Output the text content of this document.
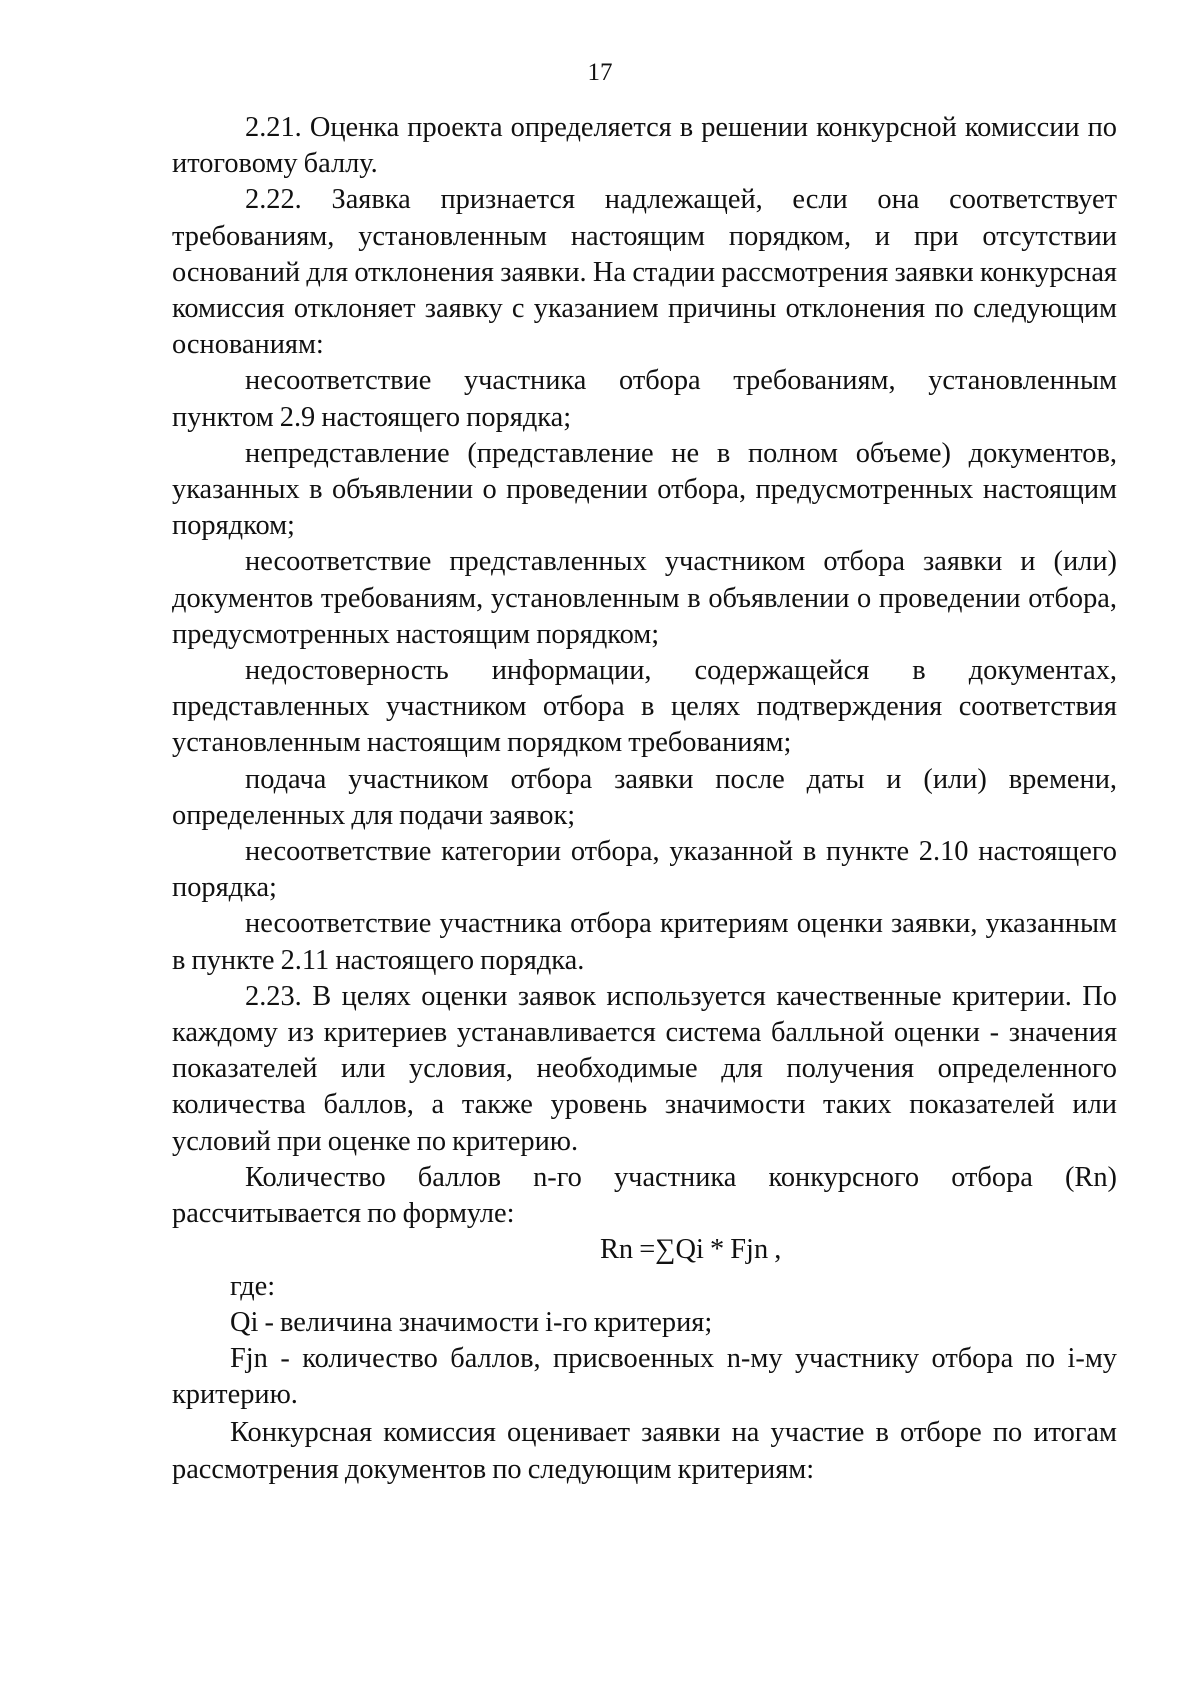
17

2.21. Оценка проекта определяется в решении конкурсной комиссии по итоговому баллу.

2.22. Заявка признается надлежащей, если она соответствует требованиям, установленным настоящим порядком, и при отсутствии оснований для отклонения заявки. На стадии рассмотрения заявки конкурсная комиссия отклоняет заявку с указанием причины отклонения по следующим основаниям:

несоответствие участника отбора требованиям, установленным пунктом 2.9 настоящего порядка;

непредставление (представление не в полном объеме) документов, указанных в объявлении о проведении отбора, предусмотренных настоящим порядком;

несоответствие представленных участником отбора заявки и (или) документов требованиям, установленным в объявлении о проведении отбора, предусмотренных настоящим порядком;

недостоверность информации, содержащейся в документах, представленных участником отбора в целях подтверждения соответствия установленным настоящим порядком требованиям;

подача участником отбора заявки после даты и (или) времени, определенных для подачи заявок;

несоответствие категории отбора, указанной в пункте 2.10 настоящего порядка;

несоответствие участника отбора критериям оценки заявки, указанным в пункте 2.11 настоящего порядка.

2.23. В целях оценки заявок используется качественные критерии. По каждому из критериев устанавливается система балльной оценки - значения показателей или условия, необходимые для получения определенного количества баллов, а также уровень значимости таких показателей или условий при оценке по критерию.

Количество баллов n-го участника конкурсного отбора (Rn) рассчитывается по формуле:

Rn =∑Qi * Fjn ,

где:

Qi - величина значимости i-го критерия;

Fjn - количество баллов, присвоенных n-му участнику отбора по i-му критерию.

Конкурсная комиссия оценивает заявки на участие в отборе по итогам рассмотрения документов по следующим критериям:
